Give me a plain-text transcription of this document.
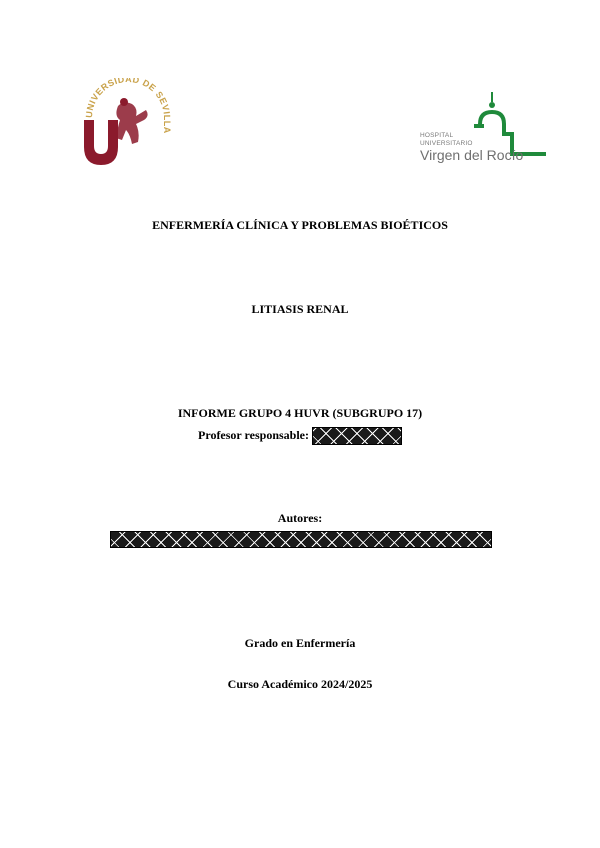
UNIVERSIDAD DE SEVILLA
HOSPITAL
UNIVERSITARIO
Virgen del Rocío
ENFERMERÍA CLÍNICA Y PROBLEMAS BIOÉTICOS
LITIASIS RENAL
INFORME GRUPO 4 HUVR (SUBGRUPO 17)
Profesor responsable:
Autores:
Grado en Enfermería
Curso Académico 2024/2025
